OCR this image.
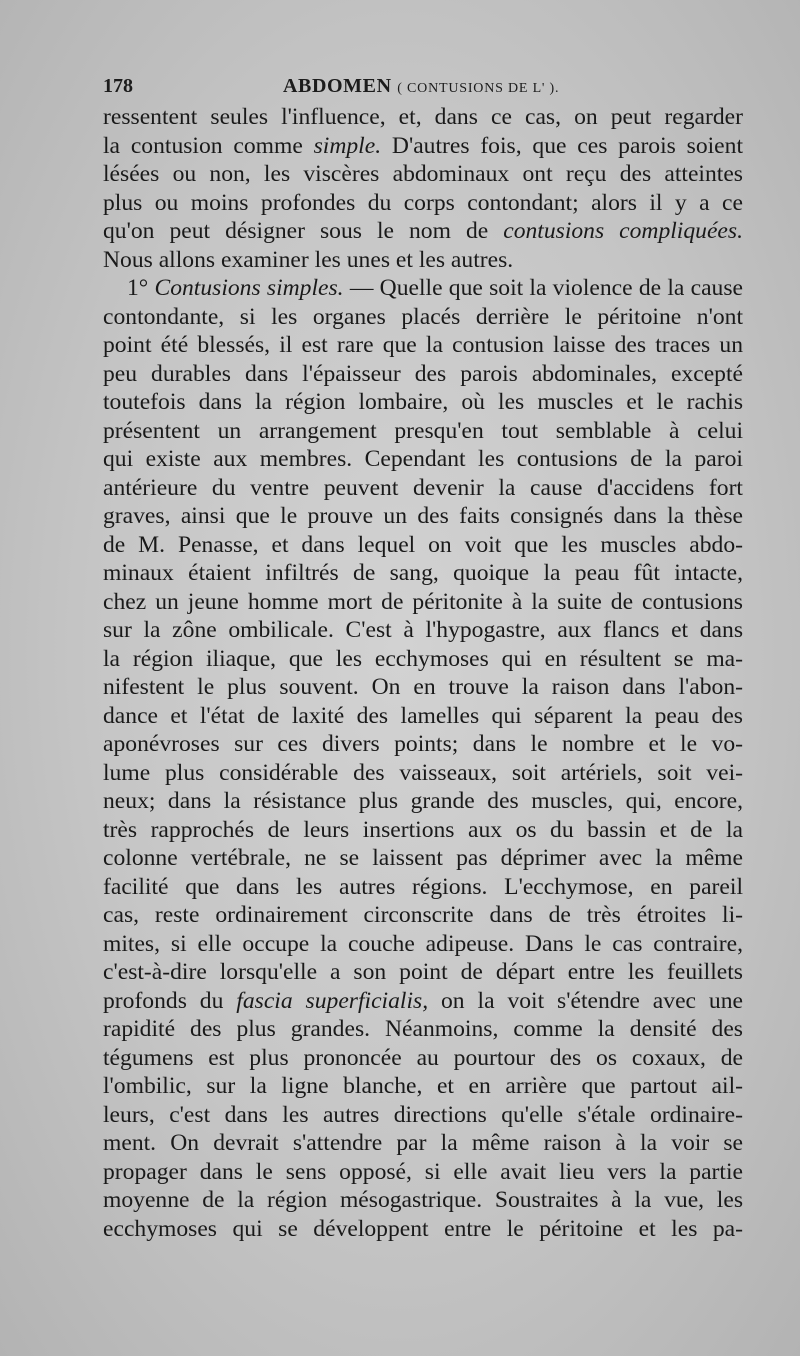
178	ABDOMEN ( CONTUSIONS DE L' ).
ressentent seules l'influence, et, dans ce cas, on peut regarder
la contusion comme simple. D'autres fois, que ces parois soient
lésées ou non, les viscères abdominaux ont reçu des atteintes
plus ou moins profondes du corps contondant; alors il y a ce
qu'on peut désigner sous le nom de contusions compliquées.
Nous allons examiner les unes et les autres.
1° Contusions simples. — Quelle que soit la violence de la cause
contondante, si les organes placés derrière le péritoine n'ont
point été blessés, il est rare que la contusion laisse des traces un
peu durables dans l'épaisseur des parois abdominales, excepté
toutefois dans la région lombaire, où les muscles et le rachis
présentent un arrangement presqu'en tout semblable à celui
qui existe aux membres. Cependant les contusions de la paroi
antérieure du ventre peuvent devenir la cause d'accidens fort
graves, ainsi que le prouve un des faits consignés dans la thèse
de M. Penasse, et dans lequel on voit que les muscles abdo-
minaux étaient infiltrés de sang, quoique la peau fût intacte,
chez un jeune homme mort de péritonite à la suite de contusions
sur la zône ombilicale. C'est à l'hypogastre, aux flancs et dans
la région iliaque, que les ecchymoses qui en résultent se ma-
nifestent le plus souvent. On en trouve la raison dans l'abon-
dance et l'état de laxité des lamelles qui séparent la peau des
aponévroses sur ces divers points; dans le nombre et le vo-
lume plus considérable des vaisseaux, soit artériels, soit vei-
neux; dans la résistance plus grande des muscles, qui, encore,
très rapprochés de leurs insertions aux os du bassin et de la
colonne vertébrale, ne se laissent pas déprimer avec la même
facilité que dans les autres régions. L'ecchymose, en pareil
cas, reste ordinairement circonscrite dans de très étroites li-
mites, si elle occupe la couche adipeuse. Dans le cas contraire,
c'est-à-dire lorsqu'elle a son point de départ entre les feuillets
profonds du fascia superficialis, on la voit s'étendre avec une
rapidité des plus grandes. Néanmoins, comme la densité des
tégumens est plus prononcée au pourtour des os coxaux, de
l'ombilic, sur la ligne blanche, et en arrière que partout ail-
leurs, c'est dans les autres directions qu'elle s'étale ordinaire-
ment. On devrait s'attendre par la même raison à la voir se
propager dans le sens opposé, si elle avait lieu vers la partie
moyenne de la région mésogastrique. Soustraites à la vue, les
ecchymoses qui se développent entre le péritoine et les pa-
